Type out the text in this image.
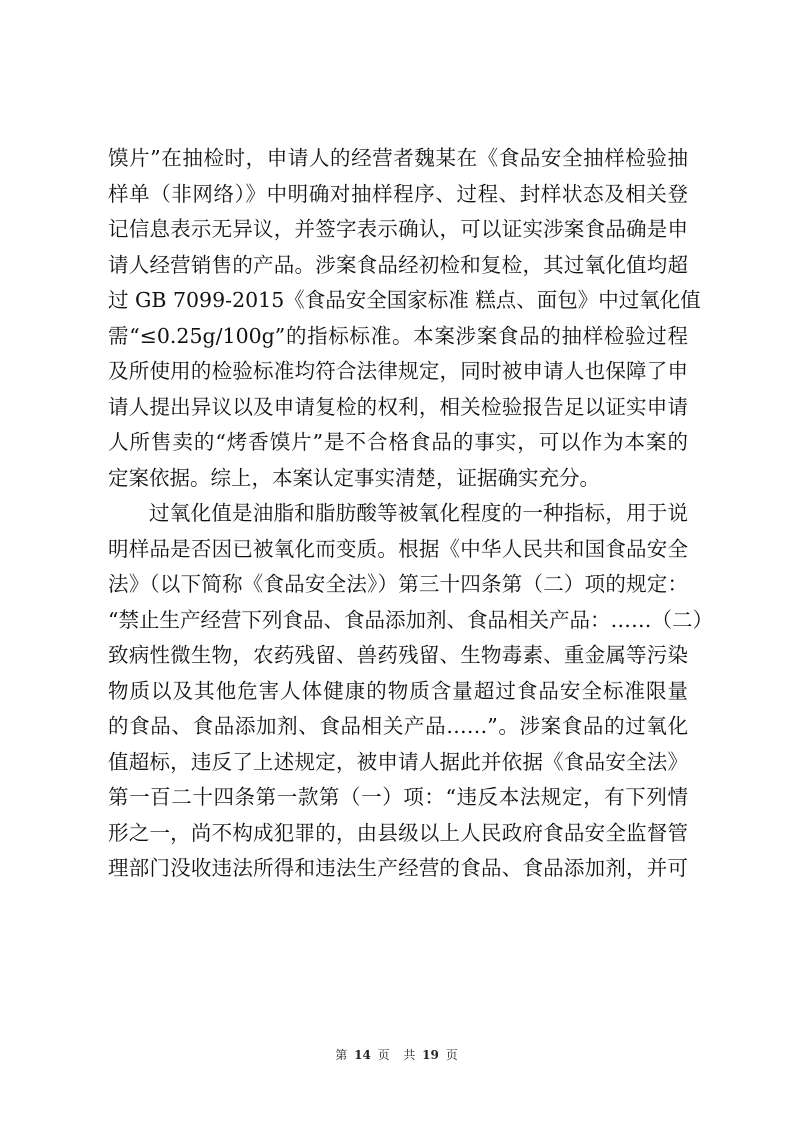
馍片”在抽检时，申请人的经营者魏某在《食品安全抽样检验抽
样单（非网络）》中明确对抽样程序、过程、封样状态及相关登
记信息表示无异议，并签字表示确认，可以证实涉案食品确是申
请人经营销售的产品。涉案食品经初检和复检，其过氧化值均超
过 GB 7099-2015《食品安全国家标准 糕点、面包》中过氧化值
需“≤0.25g/100g”的指标标准。本案涉案食品的抽样检验过程
及所使用的检验标准均符合法律规定，同时被申请人也保障了申
请人提出异议以及申请复检的权利，相关检验报告足以证实申请
人所售卖的“烤香馍片”是不合格食品的事实，可以作为本案的
定案依据。综上，本案认定事实清楚，证据确实充分。
过氧化值是油脂和脂肪酸等被氧化程度的一种指标，用于说
明样品是否因已被氧化而变质。根据《中华人民共和国食品安全
法》（以下简称《食品安全法》）第三十四条第（二）项的规定：
“禁止生产经营下列食品、食品添加剂、食品相关产品：……（二）
致病性微生物，农药残留、兽药残留、生物毒素、重金属等污染
物质以及其他危害人体健康的物质含量超过食品安全标准限量
的食品、食品添加剂、食品相关产品……”。涉案食品的过氧化
值超标，违反了上述规定，被申请人据此并依据《食品安全法》
第一百二十四条第一款第（一）项：“违反本法规定，有下列情
形之一，尚不构成犯罪的，由县级以上人民政府食品安全监督管
理部门没收违法所得和违法生产经营的食品、食品添加剂，并可
第 14 页 共 19 页
